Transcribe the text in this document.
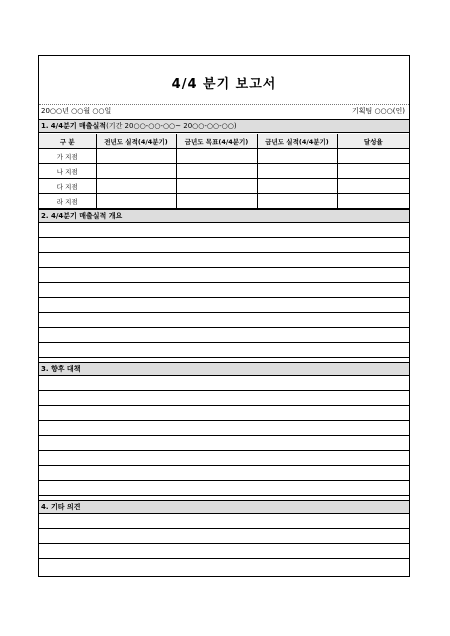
4/4 분기 보고서
20○○년 ○○월 ○○일	기획팀 ○○○(인)
1. 4/4분기 매출실적(기간 20○○-○○-○○~ 20○○-○○-○○)
구 분	전년도 실적(4/4분기)	금년도 목표(4/4분기)	금년도 실적(4/4분기)	달성율
가 지점				
나 지점				
다 지점				
라 지점				
2. 4/4분기 매출실적 개요
3. 향후 대책
4. 기타 의견
